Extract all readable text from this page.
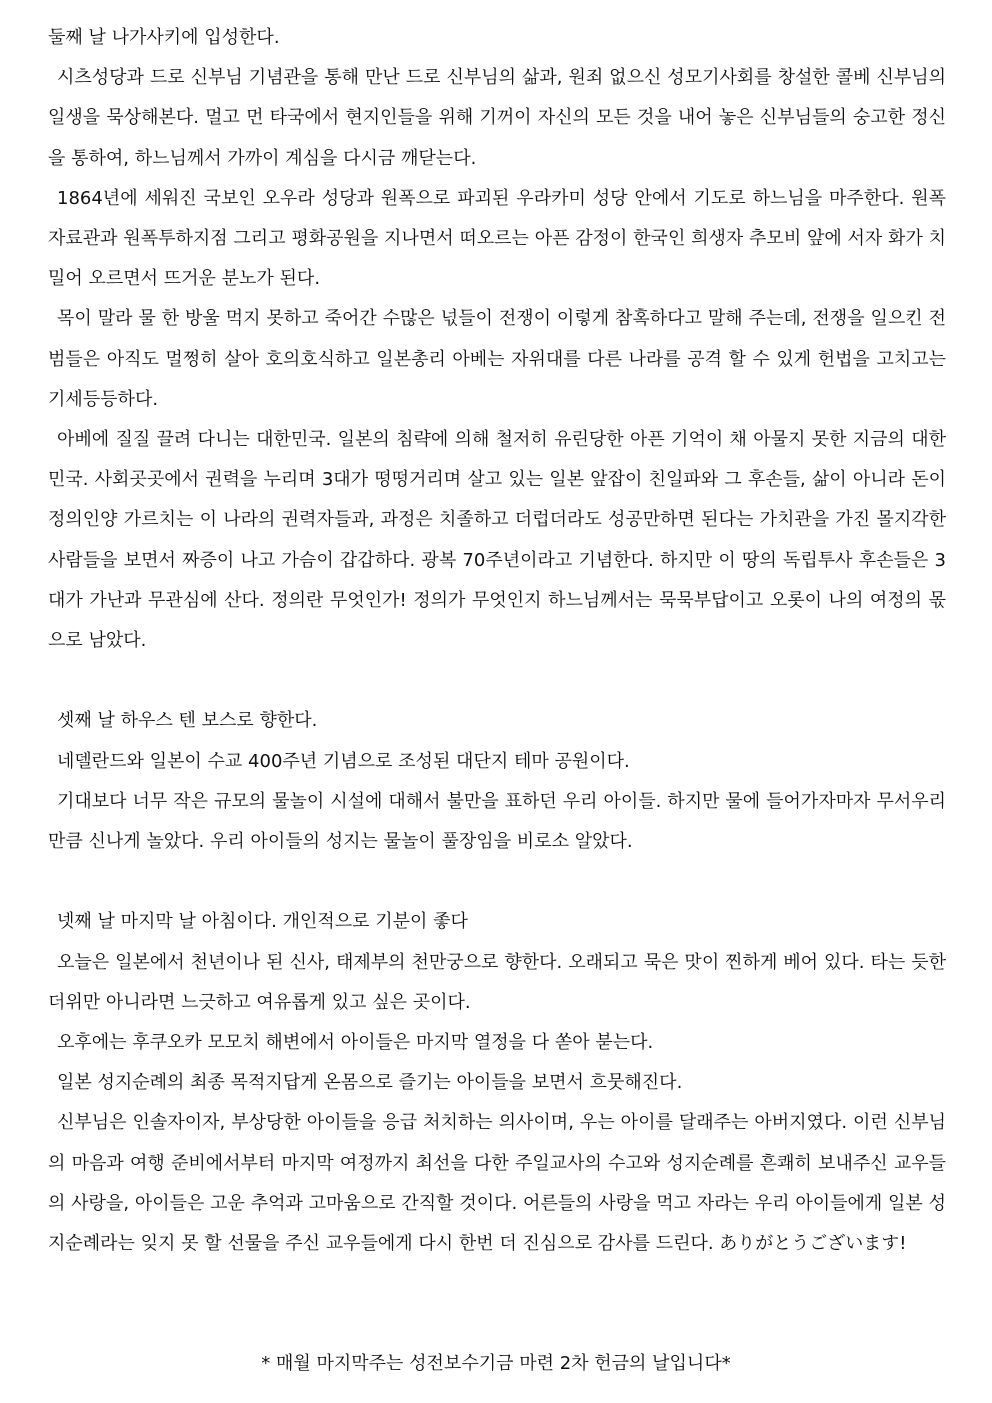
둘째 날 나가사키에 입성한다.

시츠성당과 드로 신부님 기념관을 통해 만난 드로 신부님의 삶과, 원죄 없으신 성모기사회를 창설한 콜베 신부님의 일생을 묵상해본다. 멀고 먼 타국에서 현지인들을 위해 기꺼이 자신의 모든 것을 내어 놓은 신부님들의 숭고한 정신을 통하여, 하느님께서 가까이 계심을 다시금 깨닫는다.

1864년에 세워진 국보인 오우라 성당과 원폭으로 파괴된 우라카미 성당 안에서 기도로 하느님을 마주한다. 원폭자료관과 원폭투하지점 그리고 평화공원을 지나면서 떠오르는 아픈 감정이 한국인 희생자 추모비 앞에 서자 화가 치밀어 오르면서 뜨거운 분노가 된다.

목이 말라 물 한 방울 먹지 못하고 죽어간 수많은 넋들이 전쟁이 이렇게 참혹하다고 말해 주는데, 전쟁을 일으킨 전범들은 아직도 멀쩡히 살아 호의호식하고 일본총리 아베는 자위대를 다른 나라를 공격 할 수 있게 헌법을 고치고는 기세등등하다.

아베에 질질 끌려 다니는 대한민국. 일본의 침략에 의해 철저히 유린당한 아픈 기억이 채 아물지 못한 지금의 대한민국. 사회곳곳에서 권력을 누리며 3대가 떵떵거리며 살고 있는 일본 앞잡이 친일파와 그 후손들, 삶이 아니라 돈이 정의인양 가르치는 이 나라의 권력자들과, 과정은 치졸하고 더럽더라도 성공만하면 된다는 가치관을 가진 몰지각한 사람들을 보면서 짜증이 나고 가슴이 갑갑하다. 광복 70주년이라고 기념한다. 하지만 이 땅의 독립투사 후손들은 3대가 가난과 무관심에 산다. 정의란 무엇인가! 정의가 무엇인지 하느님께서는 묵묵부답이고 오롯이 나의 여정의 몫으로 남았다.

셋째 날 하우스 텐 보스로 향한다.

네델란드와 일본이 수교 400주년 기념으로 조성된 대단지 테마 공원이다.

기대보다 너무 작은 규모의 물놀이 시설에 대해서 불만을 표하던 우리 아이들. 하지만 물에 들어가자마자 무서우리 만큼 신나게 놀았다. 우리 아이들의 성지는 물놀이 풀장임을 비로소 알았다.

넷째 날 마지막 날 아침이다. 개인적으로 기분이 좋다

오늘은 일본에서 천년이나 된 신사, 태제부의 천만궁으로 향한다. 오래되고 묵은 맛이 찐하게 베어 있다. 타는 듯한 더위만 아니라면 느긋하고 여유롭게 있고 싶은 곳이다.

오후에는 후쿠오카 모모치 해변에서 아이들은 마지막 열정을 다 쏟아 붇는다.

일본 성지순례의 최종 목적지답게 온몸으로 즐기는 아이들을 보면서 흐뭇해진다.

신부님은 인솔자이자, 부상당한 아이들을 응급 처치하는 의사이며, 우는 아이를 달래주는 아버지였다. 이런 신부님의 마음과 여행 준비에서부터 마지막 여정까지 최선을 다한 주일교사의 수고와 성지순례를 흔쾌히 보내주신 교우들의 사랑을, 아이들은 고운 추억과 고마움으로 간직할 것이다. 어른들의 사랑을 먹고 자라는 우리 아이들에게 일본 성지순례라는 잊지 못 할 선물을 주신 교우들에게 다시 한번 더 진심으로 감사를 드린다. ありがとうございます!

* 매월 마지막주는 성전보수기금 마련 2차 헌금의 날입니다*
